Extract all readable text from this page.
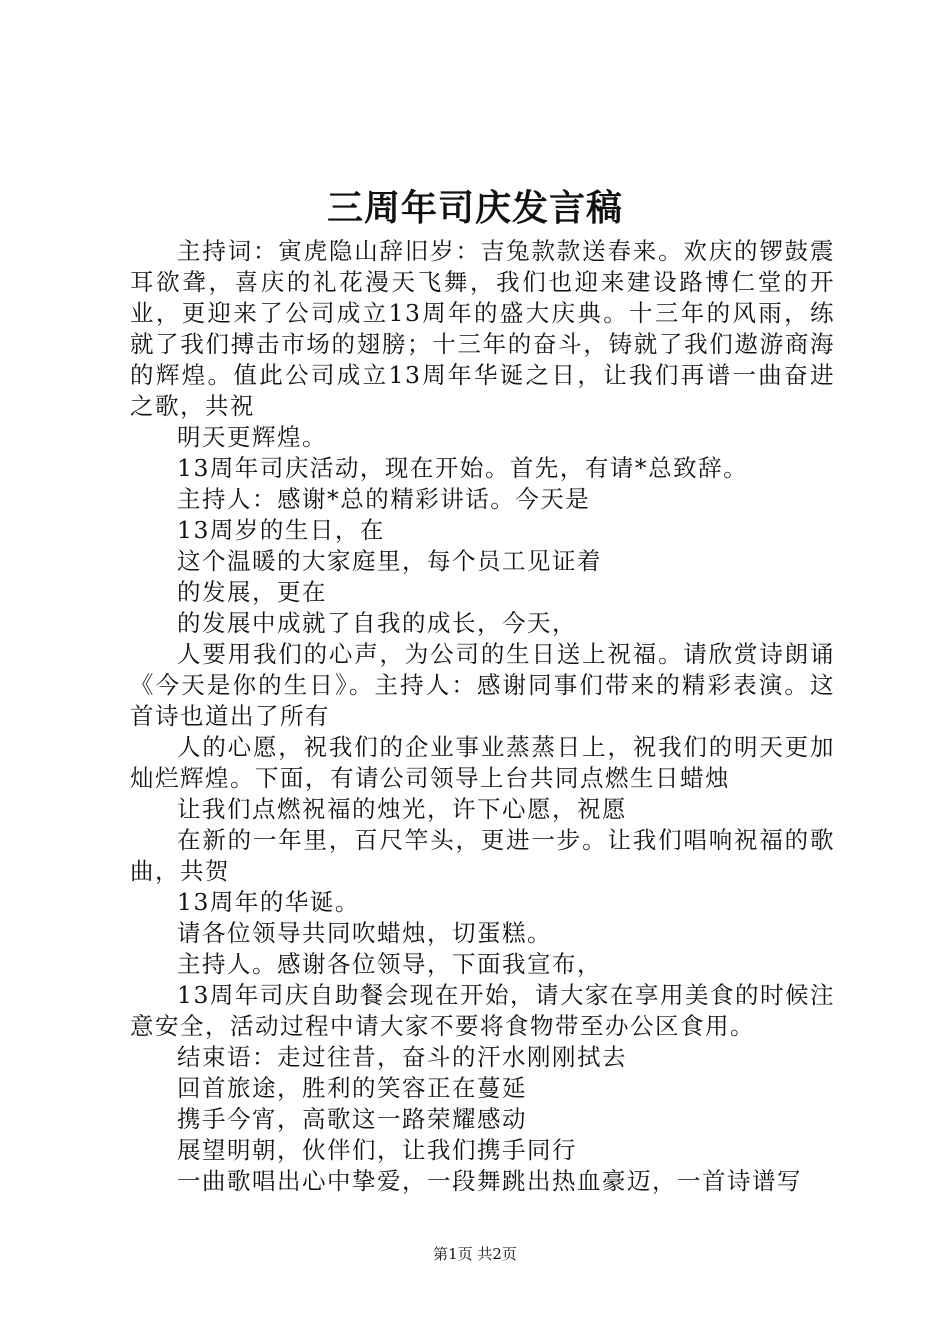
三周年司庆发言稿

主持词：寅虎隐山辞旧岁：吉兔款款送春来。欢庆的锣鼓震耳欲聋，喜庆的礼花漫天飞舞，我们也迎来建设路博仁堂的开业，更迎来了公司成立13周年的盛大庆典。十三年的风雨，练就了我们搏击市场的翅膀；十三年的奋斗，铸就了我们遨游商海的辉煌。值此公司成立13周年华诞之日，让我们再谱一曲奋进之歌，共祝

明天更辉煌。

13周年司庆活动，现在开始。首先，有请*总致辞。

主持人：感谢*总的精彩讲话。今天是

13周岁的生日，在

这个温暖的大家庭里，每个员工见证着

的发展，更在

的发展中成就了自我的成长，今天，

人要用我们的心声，为公司的生日送上祝福。请欣赏诗朗诵《今天是你的生日》。主持人：感谢同事们带来的精彩表演。这首诗也道出了所有

人的心愿，祝我们的企业事业蒸蒸日上，祝我们的明天更加灿烂辉煌。下面，有请公司领导上台共同点燃生日蜡烛

让我们点燃祝福的烛光，许下心愿，祝愿

在新的一年里，百尺竿头，更进一步。让我们唱响祝福的歌曲，共贺

13周年的华诞。

请各位领导共同吹蜡烛，切蛋糕。

主持人。感谢各位领导，下面我宣布，

13周年司庆自助餐会现在开始，请大家在享用美食的时候注意安全，活动过程中请大家不要将食物带至办公区食用。

结束语：走过往昔，奋斗的汗水刚刚拭去

回首旅途，胜利的笑容正在蔓延

携手今宵，高歌这一路荣耀感动

展望明朝，伙伴们，让我们携手同行

一曲歌唱出心中挚爱，一段舞跳出热血豪迈，一首诗谱写

第1页 共2页
